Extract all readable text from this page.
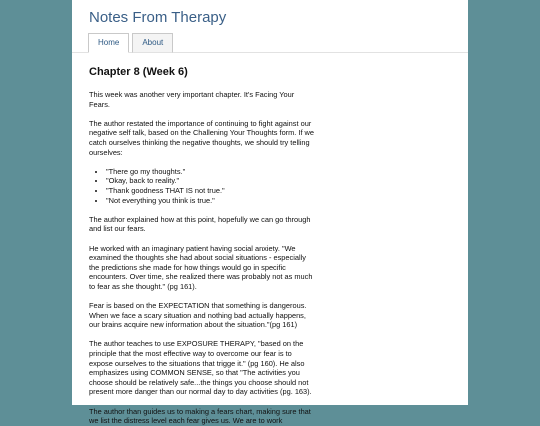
Notes From Therapy
Home	About
Chapter 8 (Week 6)

This week was another very important chapter. It's Facing Your Fears.

The author restated the importance of continuing to fight against our negative self talk, based on the Challening Your Thoughts form. If we catch ourselves thinking the negative thoughts, we should try telling ourselves:

• "There go my thoughts."
• "Okay, back to reality."
• "Thank goodness THAT IS not true."
• "Not everything you think is true."

The author explained how at this point, hopefully we can go through and list our fears.

He worked with an imaginary patient having social anxiety. "We examined the thoughts she had about social situations - especially the predictions she made for how things would go in specific encounters. Over time, she realized there was probably not as much to fear as she thought." (pg 161).

Fear is based on the EXPECTATION that something is dangerous. When we face a scary situation and nothing bad actually happens, our brains acquire new information about the situation."(pg 161)

The author teaches to use EXPOSURE THERAPY, "based on the principle that the most effective way to overcome our fear is to expose ourselves to the situations that trigge it." (pg 160). He also emphasizes using COMMON SENSE, so that "The activities you choose should be relatively safe...the things you choose should not present more danger than our normal day to day activities (pg. 163).

The author than guides us to making a fears chart, making sure that we list the distress level each fear gives us. We are to work
